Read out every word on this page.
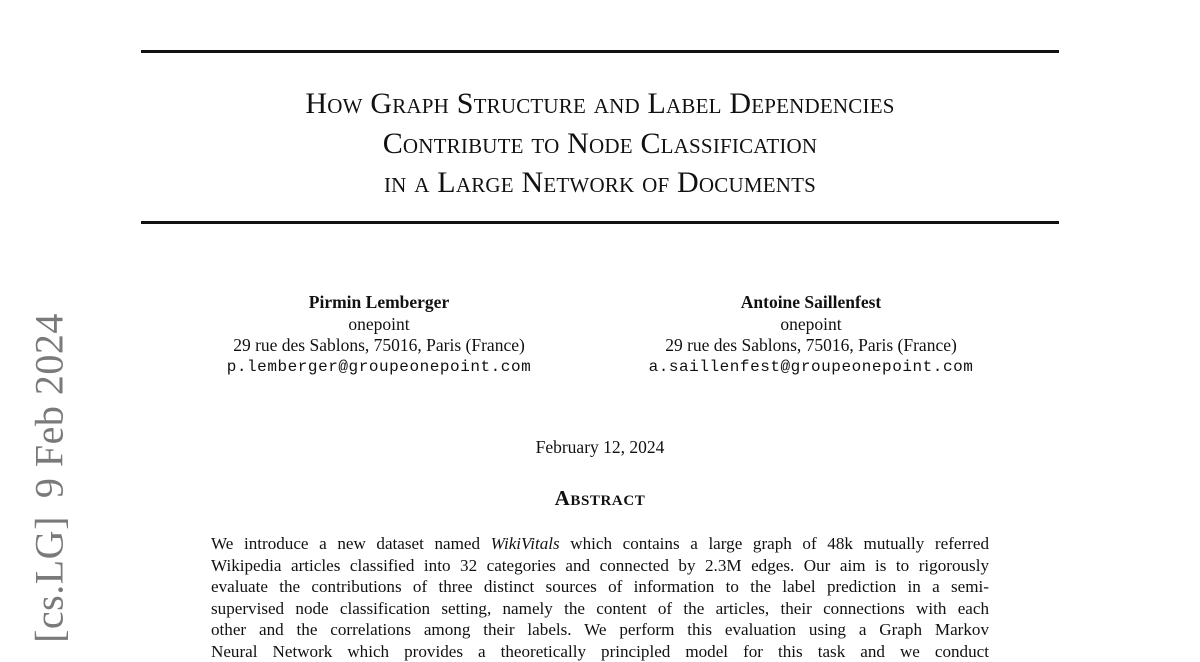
How Graph Structure and Label Dependencies
Contribute to Node Classification
in a Large Network of Documents
Pirmin Lemberger
onepoint
29 rue des Sablons, 75016, Paris (France)
p.lemberger@groupeonepoint.com
Antoine Saillenfest
onepoint
29 rue des Sablons, 75016, Paris (France)
a.saillenfest@groupeonepoint.com
February 12, 2024
Abstract
We introduce a new dataset named WikiVitals which contains a large graph of 48k mutually referred
Wikipedia articles classified into 32 categories and connected by 2.3M edges. Our aim is to rigorously
evaluate the contributions of three distinct sources of information to the label prediction in a semi-
supervised node classification setting, namely the content of the articles, their connections with each
other and the correlations among their labels. We perform this evaluation using a Graph Markov
Neural Network which provides a theoretically principled model for this task and we conduct
[cs.LG]9 Feb 2024
